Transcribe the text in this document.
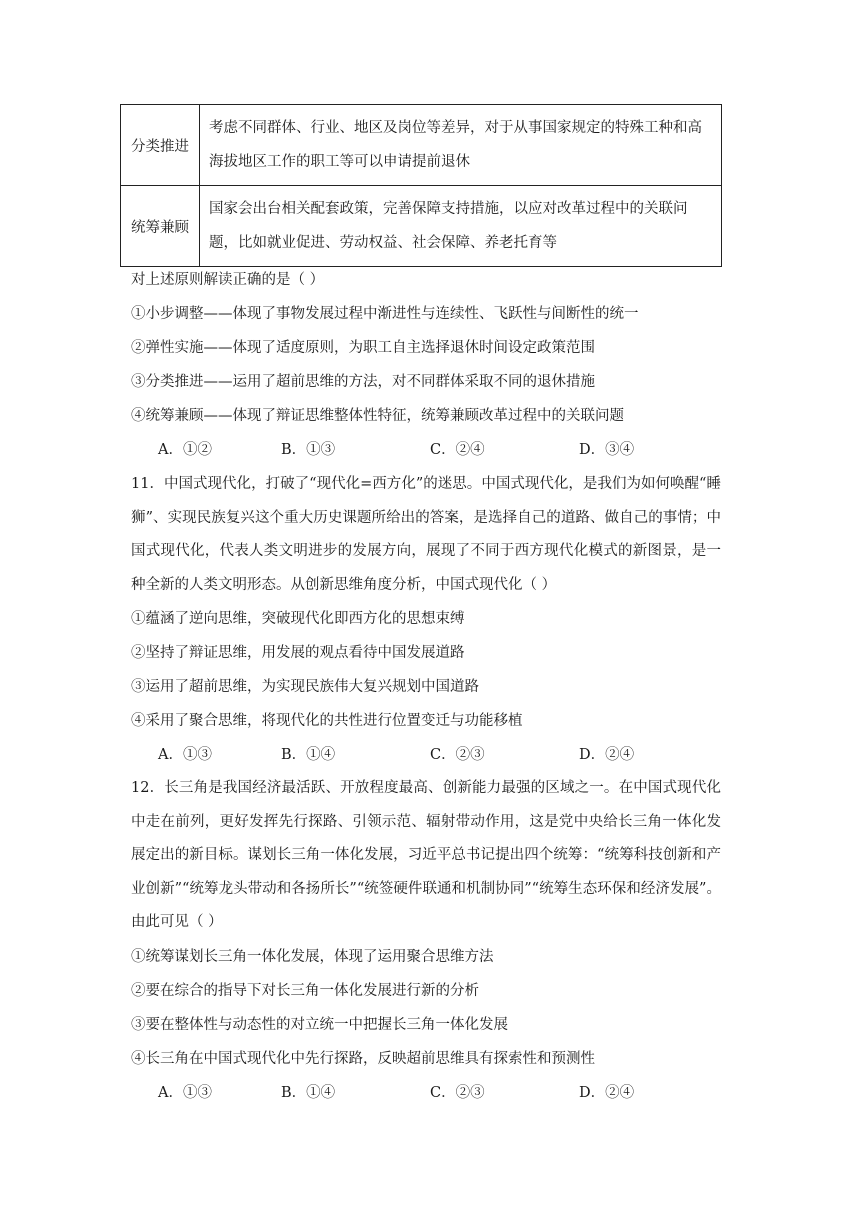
分类推进	考虑不同群体、行业、地区及岗位等差异，对于从事国家规定的特殊工种和高海拔地区工作的职工等可以申请提前退休
统筹兼顾	国家会出台相关配套政策，完善保障支持措施，以应对改革过程中的关联问题，比如就业促进、劳动权益、社会保障、养老托育等
对上述原则解读正确的是（ ）
①小步调整——体现了事物发展过程中渐进性与连续性、飞跃性与间断性的统一
②弹性实施——体现了适度原则，为职工自主选择退休时间设定政策范围
③分类推进——运用了超前思维的方法，对不同群体采取不同的退休措施
④统筹兼顾——体现了辩证思维整体性特征，统筹兼顾改革过程中的关联问题
A．①②	B．①③	C．②④	D．③④
11．中国式现代化，打破了“现代化=西方化”的迷思。中国式现代化，是我们为如何唤醒“睡狮”、实现民族复兴这个重大历史课题所给出的答案，是选择自己的道路、做自己的事情；中国式现代化，代表人类文明进步的发展方向，展现了不同于西方现代化模式的新图景，是一种全新的人类文明形态。从创新思维角度分析，中国式现代化（ ）
①蕴涵了逆向思维，突破现代化即西方化的思想束缚
②坚持了辩证思维，用发展的观点看待中国发展道路
③运用了超前思维，为实现民族伟大复兴规划中国道路
④采用了聚合思维，将现代化的共性进行位置变迁与功能移植
A．①③	B．①④	C．②③	D．②④
12．长三角是我国经济最活跃、开放程度最高、创新能力最强的区域之一。在中国式现代化中走在前列，更好发挥先行探路、引领示范、辐射带动作用，这是党中央给长三角一体化发展定出的新目标。谋划长三角一体化发展，习近平总书记提出四个统筹：“统筹科技创新和产业创新”“统筹龙头带动和各扬所长”“统签硬件联通和机制协同”“统筹生态环保和经济发展”。由此可见（ ）
①统筹谋划长三角一体化发展，体现了运用聚合思维方法
②要在综合的指导下对长三角一体化发展进行新的分析
③要在整体性与动态性的对立统一中把握长三角一体化发展
④长三角在中国式现代化中先行探路，反映超前思维具有探索性和预测性
A．①③	B．①④	C．②③	D．②④
